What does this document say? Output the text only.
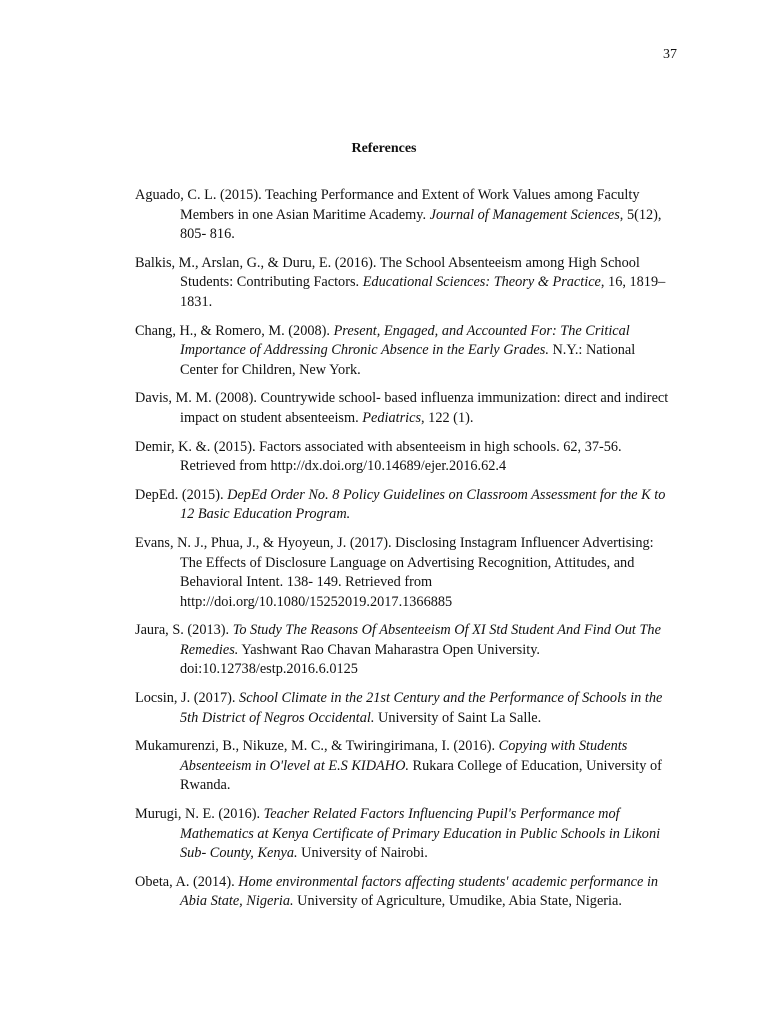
37
References

Aguado, C. L. (2015). Teaching Performance and Extent of Work Values among Faculty Members in one Asian Maritime Academy. Journal of Management Sciences, 5(12), 805- 816.

Balkis, M., Arslan, G., & Duru, E. (2016). The School Absenteeism among High School Students: Contributing Factors. Educational Sciences: Theory & Practice, 16, 1819–1831.

Chang, H., & Romero, M. (2008). Present, Engaged, and Accounted For: The Critical Importance of Addressing Chronic Absence in the Early Grades. N.Y.: National Center for Children, New York.

Davis, M. M. (2008). Countrywide school- based influenza immunization: direct and indirect impact on student absenteeism. Pediatrics, 122 (1).

Demir, K. &. (2015). Factors associated with absenteeism in high schools. 62, 37-56. Retrieved from http://dx.doi.org/10.14689/ejer.2016.62.4

DepEd. (2015). DepEd Order No. 8 Policy Guidelines on Classroom Assessment for the K to 12 Basic Education Program.

Evans, N. J., Phua, J., & Hyoyeun, J. (2017). Disclosing Instagram Influencer Advertising: The Effects of Disclosure Language on Advertising Recognition, Attitudes, and Behavioral Intent. 138- 149. Retrieved from http://doi.org/10.1080/15252019.2017.1366885

Jaura, S. (2013). To Study The Reasons Of Absenteeism Of XI Std Student And Find Out The Remedies. Yashwant Rao Chavan Maharastra Open University. doi:10.12738/estp.2016.6.0125

Locsin, J. (2017). School Climate in the 21st Century and the Performance of Schools in the 5th District of Negros Occidental. University of Saint La Salle.

Mukamurenzi, B., Nikuze, M. C., & Twiringirimana, I. (2016). Copying with Students Absenteeism in O'level at E.S KIDAHO. Rukara College of Education, University of Rwanda.

Murugi, N. E. (2016). Teacher Related Factors Influencing Pupil's Performance mof Mathematics at Kenya Certificate of Primary Education in Public Schools in Likoni Sub- County, Kenya. University of Nairobi.

Obeta, A. (2014). Home environmental factors affecting students' academic performance in Abia State, Nigeria. University of Agriculture, Umudike, Abia State, Nigeria.
